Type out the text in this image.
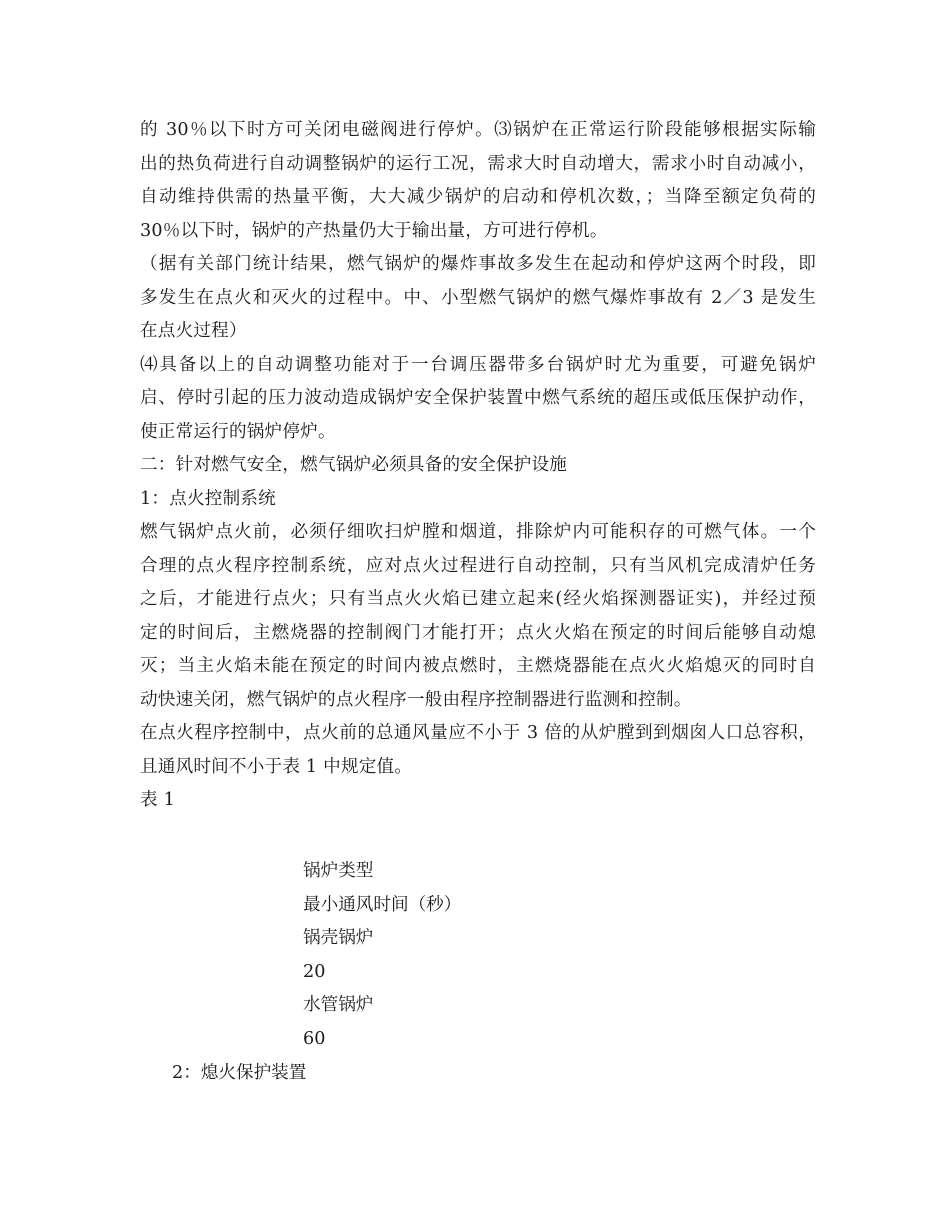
的 30％以下时方可关闭电磁阀进行停炉。⑶锅炉在正常运行阶段能够根据实际输
出的热负荷进行自动调整锅炉的运行工况，需求大时自动增大，需求小时自动减小，
自动维持供需的热量平衡，大大减少锅炉的启动和停机次数，；当降至额定负荷的
30％以下时，锅炉的产热量仍大于输出量，方可进行停机。
（据有关部门统计结果，燃气锅炉的爆炸事故多发生在起动和停炉这两个时段，即
多发生在点火和灭火的过程中。中、小型燃气锅炉的燃气爆炸事故有 2／3 是发生
在点火过程）
⑷具备以上的自动调整功能对于一台调压器带多台锅炉时尤为重要，可避免锅炉
启、停时引起的压力波动造成锅炉安全保护装置中燃气系统的超压或低压保护动作，
使正常运行的锅炉停炉。
二：针对燃气安全，燃气锅炉必须具备的安全保护设施
1：点火控制系统
燃气锅炉点火前，必须仔细吹扫炉膛和烟道，排除炉内可能积存的可燃气体。一个
合理的点火程序控制系统，应对点火过程进行自动控制，只有当风机完成清炉任务
之后，才能进行点火；只有当点火火焰已建立起来(经火焰探测器证实)，并经过预
定的时间后，主燃烧器的控制阀门才能打开；点火火焰在预定的时间后能够自动熄
灭；当主火焰未能在预定的时间内被点燃时，主燃烧器能在点火火焰熄灭的同时自
动快速关闭，燃气锅炉的点火程序一般由程序控制器进行监测和控制。
在点火程序控制中，点火前的总通风量应不小于 3 倍的从炉膛到到烟囱人口总容积，
且通风时间不小于表 1 中规定值。
表 1
锅炉类型
最小通风时间（秒）
锅壳锅炉
20
水管锅炉
60
2：熄火保护装置
